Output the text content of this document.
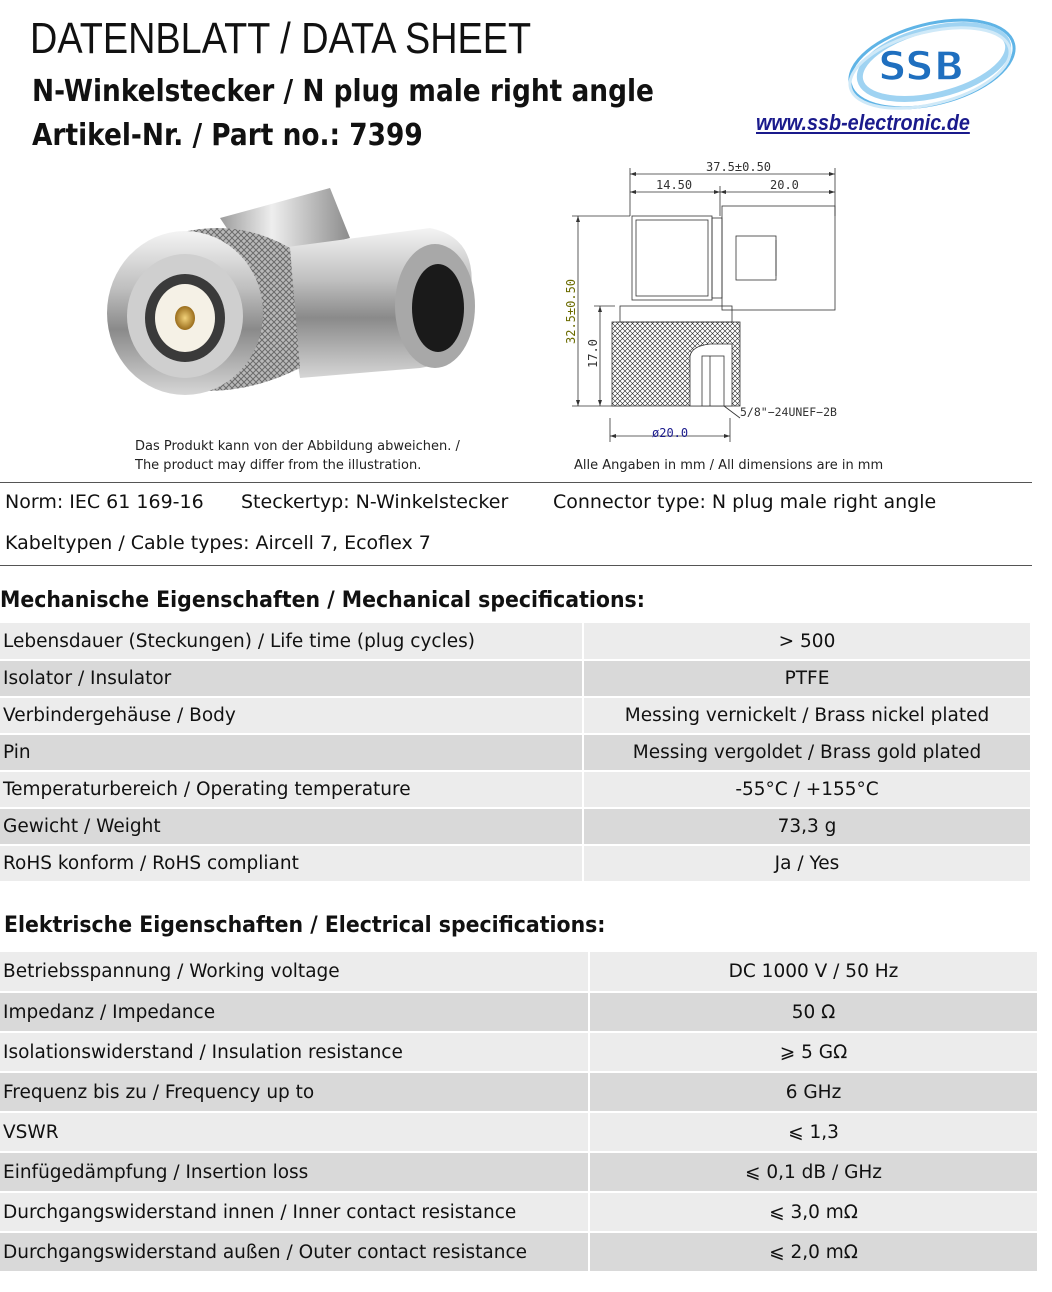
DATENBLATT / DATA SHEET
N-Winkelstecker / N plug male right angle
Artikel-Nr. / Part no.: 7399
SSB
www.ssb-electronic.de
Das Produkt kann von der Abbildung abweichen. /
The product may differ from the illustration.
37.5±0.50
14.50	20.0
5/8"−24UNEF−2B
ø20.0
32.5±0.50
17.0
Alle Angaben in mm / All dimensions are in mm
Norm: IEC 61 169-16 Steckertyp: N-Winkelstecker Connector type: N plug male right angle
Kabeltypen / Cable types: Aircell 7, Ecoflex 7
Mechanische Eigenschaften / Mechanical specifications:
Lebensdauer (Steckungen) / Life time (plug cycles)	> 500
Isolator / Insulator	PTFE
Verbindergehäuse / Body	Messing vernickelt / Brass nickel plated
Pin	Messing vergoldet / Brass gold plated
Temperaturbereich / Operating temperature	-55°C / +155°C
Gewicht / Weight	73,3 g
RoHS konform / RoHS compliant	Ja / Yes
Elektrische Eigenschaften / Electrical specifications:
Betriebsspannung / Working voltage	DC 1000 V / 50 Hz
Impedanz / Impedance	50 Ω
Isolationswiderstand / Insulation resistance	⩾ 5 GΩ
Frequenz bis zu / Frequency up to	6 GHz
VSWR	⩽ 1,3
Einfügedämpfung / Insertion loss	⩽ 0,1 dB / GHz
Durchgangswiderstand innen / Inner contact resistance	⩽ 3,0 mΩ
Durchgangswiderstand außen / Outer contact resistance	⩽ 2,0 mΩ
